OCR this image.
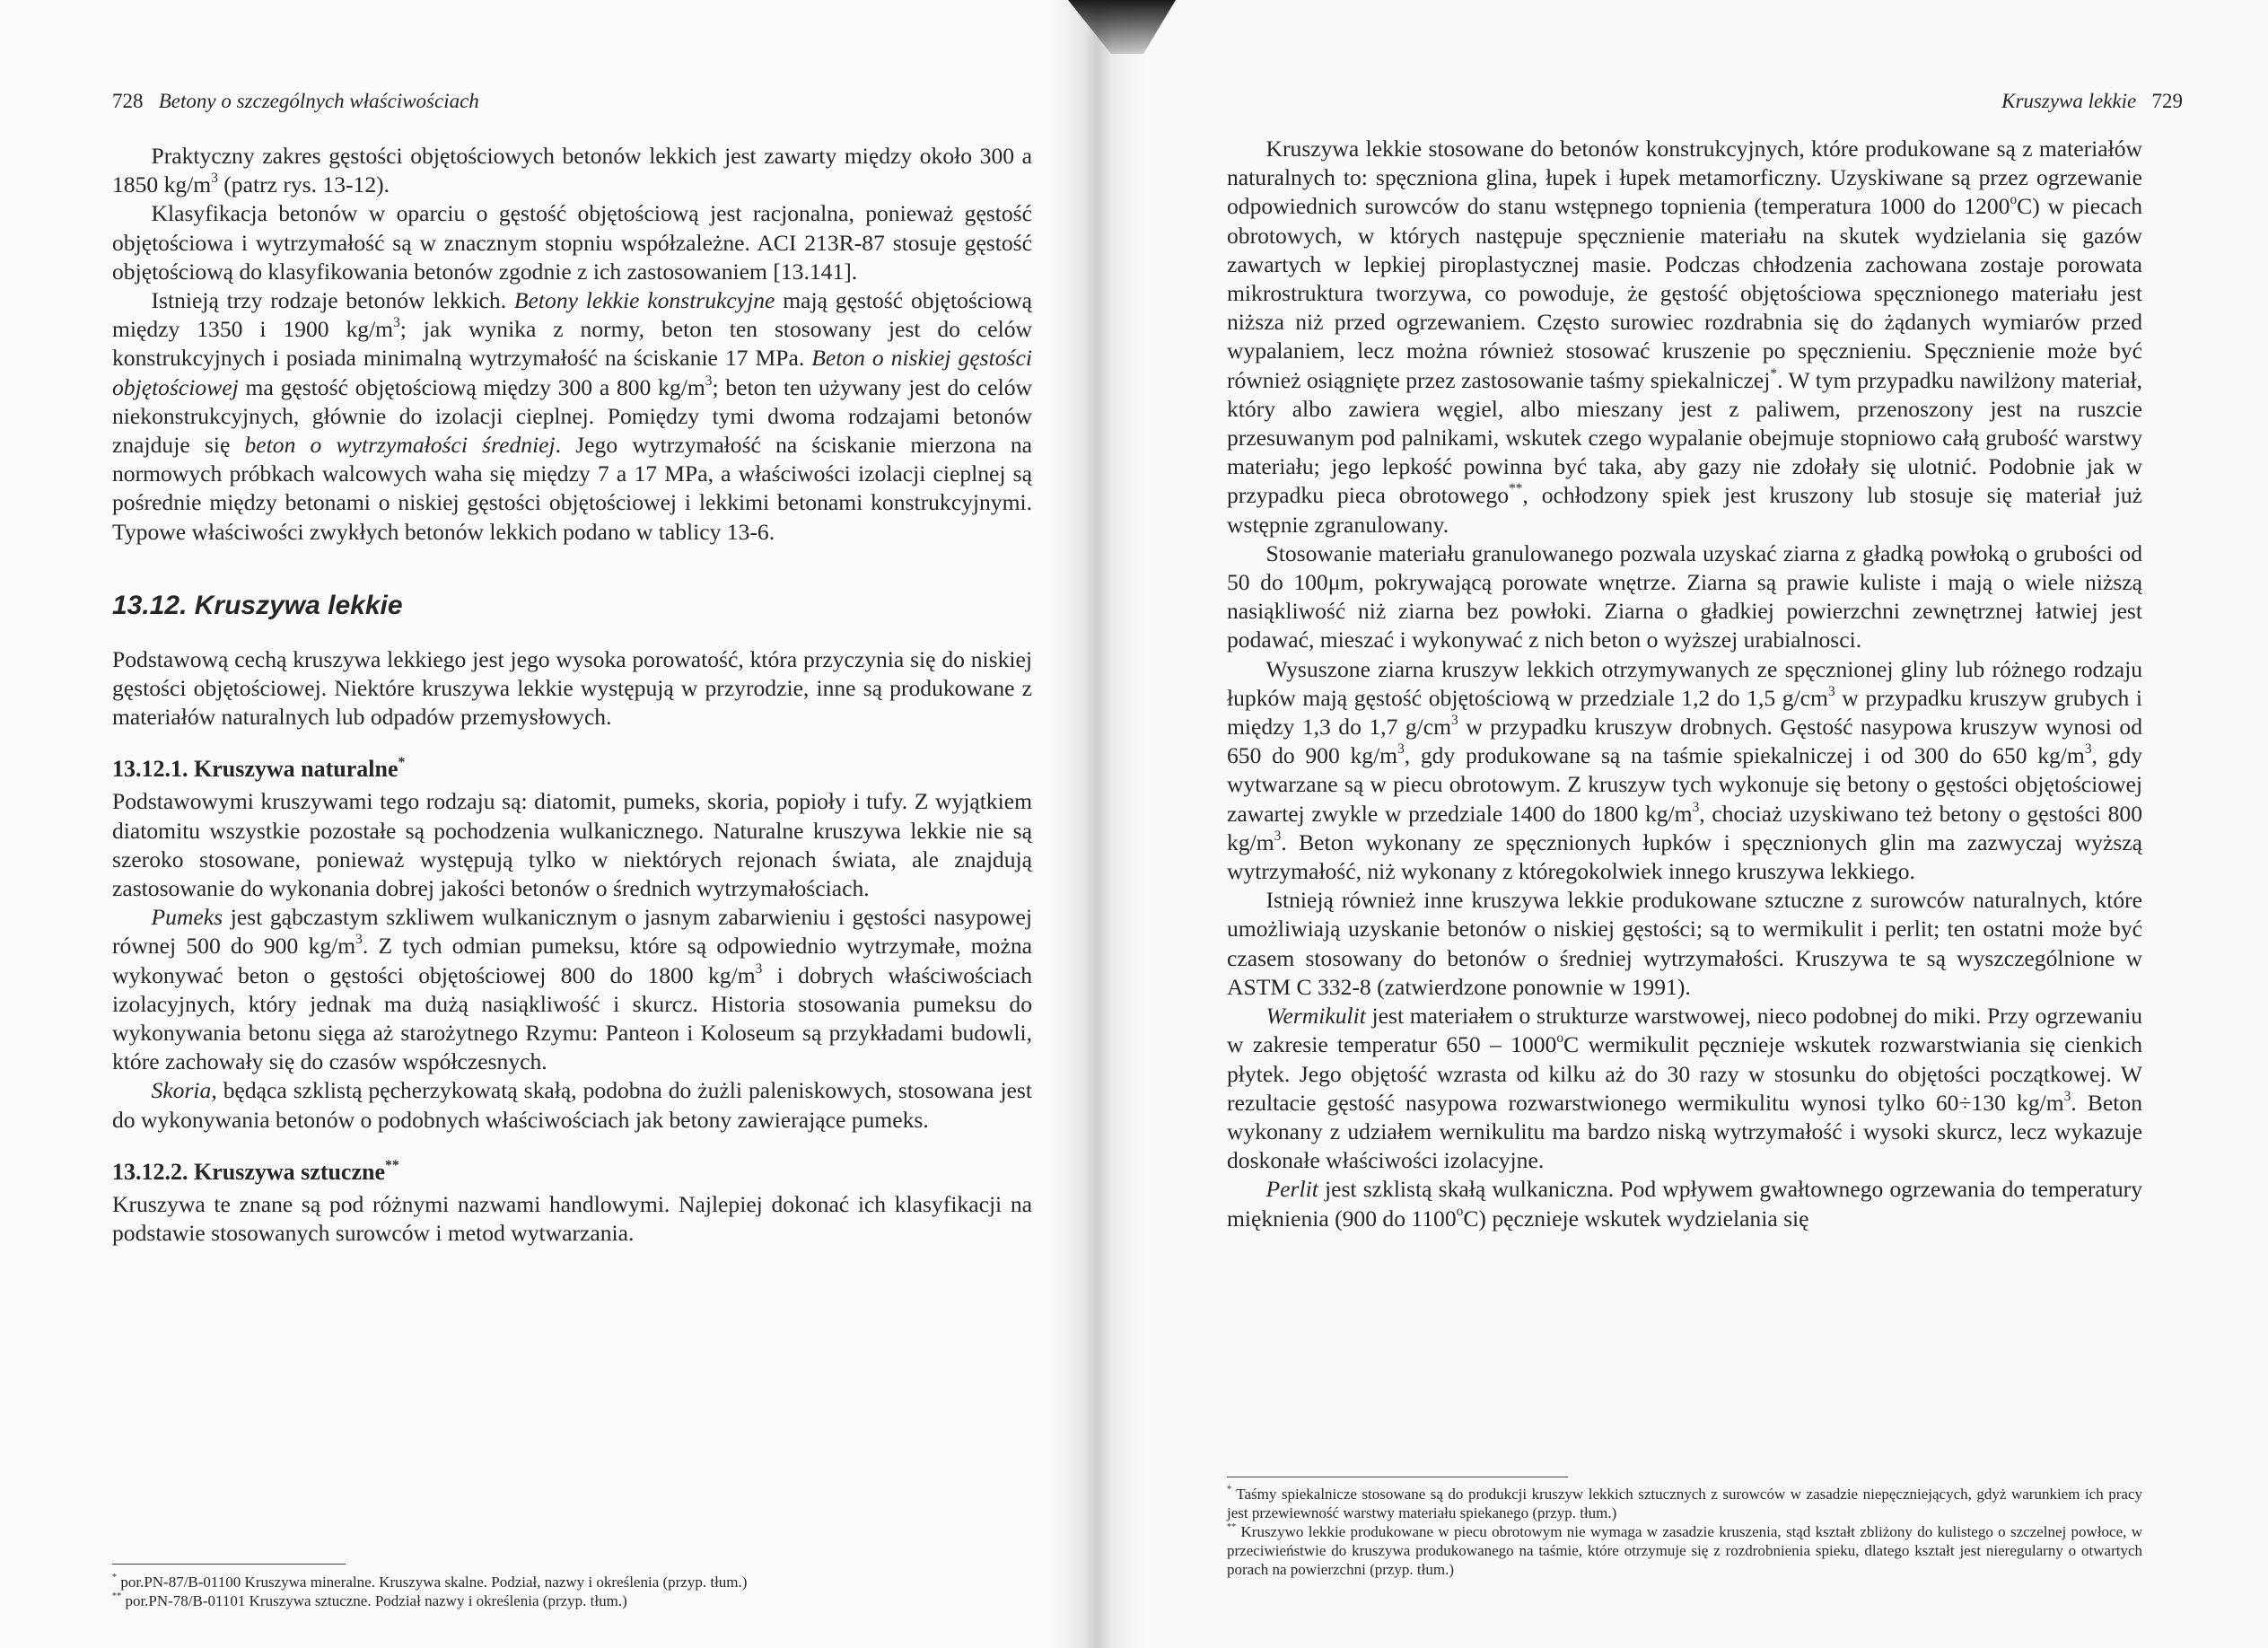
728 Betony o szczególnych właściwościach

Praktyczny zakres gęstości objętościowych betonów lekkich jest zawarty między około 300 a 1850 $kg/m^3$ (patrz rys. 13-12).

Klasyfikacja betonów w oparciu o gęstość objętościową jest racjonalna, ponieważ gęstość objętościowa i wytrzymałość są w znacznym stopniu współzależne. ACI 213R-87 stosuje gęstość objętościową do klasyfikowania betonów zgodnie z ich zastosowaniem [13.141].

Istnieją trzy rodzaje betonów lekkich. Betony lekkie konstrukcyjne mają gęstość objętościową między 1350 i 1900 $kg/m^3$; jak wynika z normy, beton ten stosowany jest do celów konstrukcyjnych i posiada minimalną wytrzymałość na ściskanie 17 MPa. Beton o niskiej gęstości objętościowej ma gęstość objętościową między 300 a 800 $kg/m^3$; beton ten używany jest do celów niekonstrukcyjnych, głównie do izolacji cieplnej. Pomiędzy tymi dwoma rodzajami betonów znajduje się beton o wytrzymałości średniej. Jego wytrzymałość na ściskanie mierzona na normowych próbkach walcowych waha się między 7 a 17 MPa, a właściwości izolacji cieplnej są pośrednie między betonami o niskiej gęstości objętościowej i lekkimi betonami konstrukcyjnymi. Typowe właściwości zwykłych betonów lekkich podano w tablicy 13-6.

13.12. Kruszywa lekkie

Podstawową cechą kruszywa lekkiego jest jego wysoka porowatość, która przyczynia się do niskiej gęstości objętościowej. Niektóre kruszywa lekkie występują w przyrodzie, inne są produkowane z materiałów naturalnych lub odpadów przemysłowych.

13.12.1. Kruszywa naturalne*

Podstawowymi kruszywami tego rodzaju są: diatomit, pumeks, skoria, popioły i tufy. Z wyjątkiem diatomitu wszystkie pozostałe są pochodzenia wulkanicznego. Naturalne kruszywa lekkie nie są szeroko stosowane, ponieważ występują tylko w niektórych rejonach świata, ale znajdują zastosowanie do wykonania dobrej jakości betonów o średnich wytrzymałościach.

Pumeks jest gąbczastym szkliwem wulkanicznym o jasnym zabarwieniu i gęstości nasypowej równej 500 do 900 $kg/m^3$. Z tych odmian pumeksu, które są odpowiednio wytrzymałe, można wykonywać beton o gęstości objętościowej 800 do 1800 $kg/m^3$ i dobrych właściwościach izolacyjnych, który jednak ma dużą nasiąkliwość i skurcz. Historia stosowania pumeksu do wykonywania betonu sięga aż starożytnego Rzymu: Panteon i Koloseum są przykładami budowli, które zachowały się do czasów współczesnych.

Skoria, będąca szklistą pęcherzykowatą skałą, podobna do żużli paleniskowych, stosowana jest do wykonywania betonów o podobnych właściwościach jak betony zawierające pumeks.

13.12.2. Kruszywa sztuczne**

Kruszywa te znane są pod różnymi nazwami handlowymi. Najlepiej dokonać ich klasyfikacji na podstawie stosowanych surowców i metod wytwarzania.

* por.PN-87/B-01100 Kruszywa mineralne. Kruszywa skalne. Podział, nazwy i określenia (przyp. tłum.)
** por.PN-78/B-01101 Kruszywa sztuczne. Podział nazwy i określenia (przyp. tłum.)
Kruszywa lekkie 729

Kruszywa lekkie stosowane do betonów konstrukcyjnych, które produkowane są z materiałów naturalnych to: spęczniona glina, łupek i łupek metamorficzny. Uzyskiwane są przez ogrzewanie odpowiednich surowców do stanu wstępnego topnienia (temperatura 1000 do 1200$^o$C) w piecach obrotowych, w których następuje spęcznienie materiału na skutek wydzielania się gazów zawartych w lepkiej piroplastycznej masie. Podczas chłodzenia zachowana zostaje porowata mikrostruktura tworzywa, co powoduje, że gęstość objętościowa spęcznionego materiału jest niższa niż przed ogrzewaniem. Często surowiec rozdrabnia się do żądanych wymiarów przed wypalaniem, lecz można również stosować kruszenie po spęcznieniu. Spęcznienie może być również osiągnięte przez zastosowanie taśmy spiekalniczej*. W tym przypadku nawilżony materiał, który albo zawiera węgiel, albo mieszany jest z paliwem, przenoszony jest na ruszcie przesuwanym pod palnikami, wskutek czego wypalanie obejmuje stopniowo całą grubość warstwy materiału; jego lepkość powinna być taka, aby gazy nie zdołały się ulotnić. Podobnie jak w przypadku pieca obrotowego**, ochłodzony spiek jest kruszony lub stosuje się materiał już wstępnie zgranulowany.

Stosowanie materiału granulowanego pozwala uzyskać ziarna z gładką powłoką o grubości od 50 do 100μm, pokrywającą porowate wnętrze. Ziarna są prawie kuliste i mają o wiele niższą nasiąkliwość niż ziarna bez powłoki. Ziarna o gładkiej powierzchni zewnętrznej łatwiej jest podawać, mieszać i wykonywać z nich beton o wyższej urabialnosci.

Wysuszone ziarna kruszyw lekkich otrzymywanych ze spęcznionej gliny lub różnego rodzaju łupków mają gęstość objętościową w przedziale 1,2 do 1,5 $g/cm^3$ w przypadku kruszyw grubych i między 1,3 do 1,7 $g/cm^3$ w przypadku kruszyw drobnych. Gęstość nasypowa kruszyw wynosi od 650 do 900 $kg/m^3$, gdy produkowane są na taśmie spiekalniczej i od 300 do 650 $kg/m^3$, gdy wytwarzane są w piecu obrotowym. Z kruszyw tych wykonuje się betony o gęstości objętościowej zawartej zwykle w przedziale 1400 do 1800 $kg/m^3$, chociaż uzyskiwano też betony o gęstości 800 $kg/m^3$. Beton wykonany ze spęcznionych łupków i spęcznionych glin ma zazwyczaj wyższą wytrzymałość, niż wykonany z któregokolwiek innego kruszywa lekkiego.

Istnieją również inne kruszywa lekkie produkowane sztuczne z surowców naturalnych, które umożliwiają uzyskanie betonów o niskiej gęstości; są to wermikulit i perlit; ten ostatni może być czasem stosowany do betonów o średniej wytrzymałości. Kruszywa te są wyszczególnione w ASTM C 332-8 (zatwierdzone ponownie w 1991).

Wermikulit jest materiałem o strukturze warstwowej, nieco podobnej do miki. Przy ogrzewaniu w zakresie temperatur 650 – 1000$^o$C wermikulit pęcznieje wskutek rozwarstwiania się cienkich płytek. Jego objętość wzrasta od kilku aż do 30 razy w stosunku do objętości początkowej. W rezultacie gęstość nasypowa rozwarstwionego wermikulitu wynosi tylko 60÷130 $kg/m^3$. Beton wykonany z udziałem wernikulitu ma bardzo niską wytrzymałość i wysoki skurcz, lecz wykazuje doskonałe właściwości izolacyjne.

Perlit jest szklistą skałą wulkaniczna. Pod wpływem gwałtownego ogrzewania do temperatury mięknienia (900 do 1100$^o$C) pęcznieje wskutek wydzielania się

* Taśmy spiekalnicze stosowane są do produkcji kruszyw lekkich sztucznych z surowców w zasadzie niepęczniejących, gdyż warunkiem ich pracy jest przewiewność warstwy materiału spiekanego (przyp. tłum.)
** Kruszywo lekkie produkowane w piecu obrotowym nie wymaga w zasadzie kruszenia, stąd kształt zbliżony do kulistego o szczelnej powłoce, w przeciwieństwie do kruszywa produkowanego na taśmie, które otrzymuje się z rozdrobnienia spieku, dlatego kształt jest nieregularny o otwartych porach na powierzchni (przyp. tłum.)
